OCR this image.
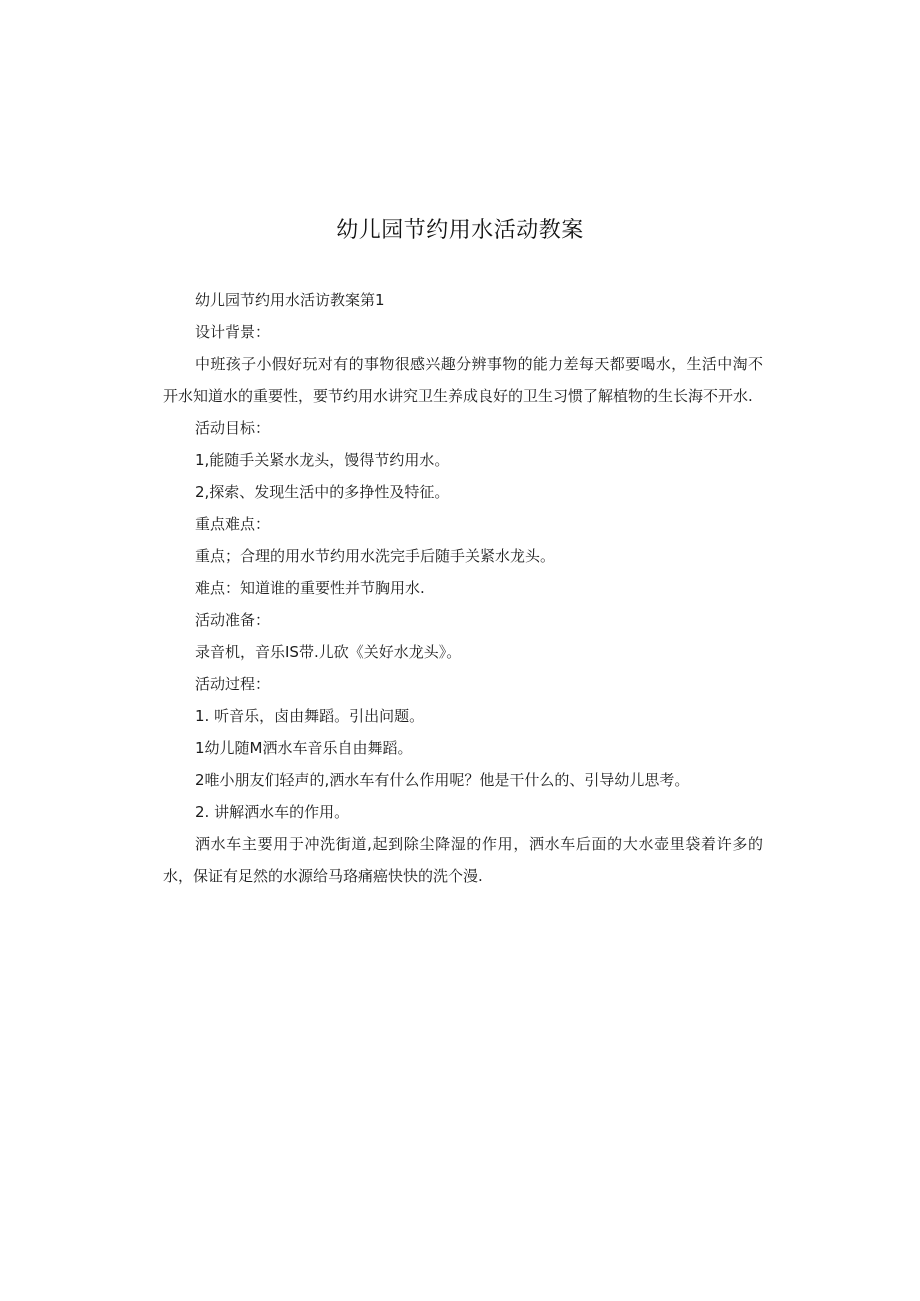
幼儿园节约用水活动教案

幼儿园节约用水活访教案第1

设计背景：

中班孩子小假好玩对有的事物很感兴趣分辨事物的能力差每天都要喝水，生活中淘不开水知道水的重要性，要节约用水讲究卫生养成良好的卫生习惯了解植物的生长海不开水.

活动目标：

1,能随手关紧水龙头，馒得节约用水。

2,探索、发现生活中的多挣性及特征。

重点难点：

重点；合理的用水节约用水洗完手后随手关紧水龙头。

难点：知道谁的重要性并节胸用水.

活动准备：

录音机，音乐IS带.儿砍《关好水龙头》。

活动过程：

1. 听音乐，卤由舞蹈。引出问题。

1幼儿随M洒水车音乐自由舞蹈。

2唯小朋友们轻声的,洒水车有什么作用呢？他是干什么的、引导幼儿思考。

2. 讲解洒水车的作用。

洒水车主要用于冲洗街道,起到除尘降湿的作用，洒水车后面的大水壶里袋着许多的水，保证有足然的水源给马珞痛癌快快的洗个漫.
